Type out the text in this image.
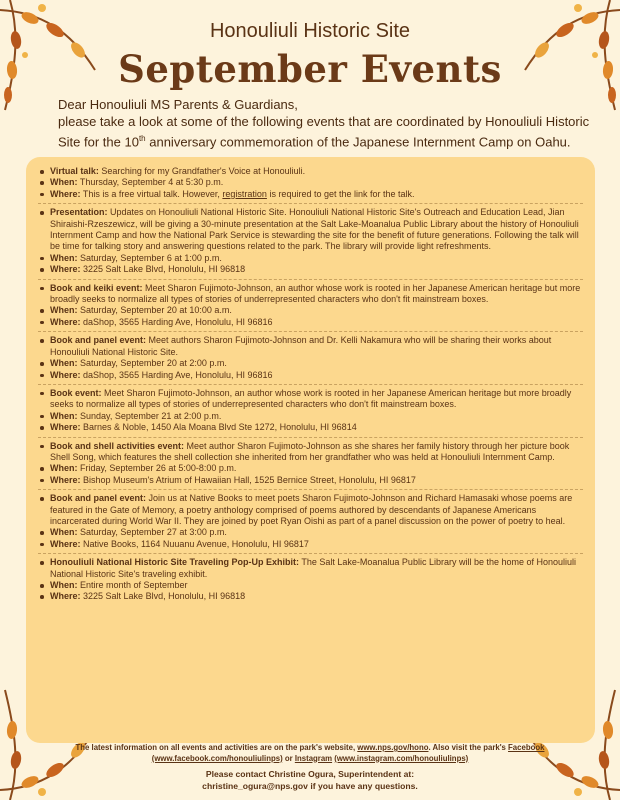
Honouliuli Historic Site
September Events
Dear Honouliuli MS Parents & Guardians,
please take a look at some of the following events that are coordinated by Honouliuli Historic Site for the 10th anniversary commemoration of the Japanese Internment Camp on Oahu.
Virtual talk: Searching for my Grandfather's Voice at Honouliuli.
When: Thursday, September 4 at 5:30 p.m.
Where: This is a free virtual talk. However, registration is required to get the link for the talk.
Presentation: Updates on Honouliuli National Historic Site. Honouliuli National Historic Site's Outreach and Education Lead, Jian Shiraishi-Rzeszewicz, will be giving a 30-minute presentation at the Salt Lake-Moanalua Public Library about the history of Honouliuli Internment Camp and how the National Park Service is stewarding the site for the benefit of future generations. Following the talk will be time for talking story and answering questions related to the park. The library will provide light refreshments.
When: Saturday, September 6 at 1:00 p.m.
Where: 3225 Salt Lake Blvd, Honolulu, HI 96818
Book and keiki event: Meet Sharon Fujimoto-Johnson, an author whose work is rooted in her Japanese American heritage but more broadly seeks to normalize all types of stories of underrepresented characters who don't fit mainstream boxes.
When: Saturday, September 20 at 10:00 a.m.
Where: daShop, 3565 Harding Ave, Honolulu, HI 96816
Book and panel event: Meet authors Sharon Fujimoto-Johnson and Dr. Kelli Nakamura who will be sharing their works about Honouliuli National Historic Site.
When: Saturday, September 20 at 2:00 p.m.
Where: daShop, 3565 Harding Ave, Honolulu, HI 96816
Book event: Meet Sharon Fujimoto-Johnson, an author whose work is rooted in her Japanese American heritage but more broadly seeks to normalize all types of stories of underrepresented characters who don't fit mainstream boxes.
When: Sunday, September 21 at 2:00 p.m.
Where: Barnes & Noble, 1450 Ala Moana Blvd Ste 1272, Honolulu, HI 96814
Book and shell activities event: Meet author Sharon Fujimoto-Johnson as she shares her family history through her picture book Shell Song, which features the shell collection she inherited from her grandfather who was held at Honouliuli Internment Camp.
When: Friday, September 26 at 5:00-8:00 p.m.
Where: Bishop Museum's Atrium of Hawaiian Hall, 1525 Bernice Street, Honolulu, HI 96817
Book and panel event: Join us at Native Books to meet poets Sharon Fujimoto-Johnson and Richard Hamasaki whose poems are featured in the Gate of Memory, a poetry anthology comprised of poems authored by descendants of Japanese Americans incarcerated during World War II. They are joined by poet Ryan Oishi as part of a panel discussion on the power of poetry to heal.
When: Saturday, September 27 at 3:00 p.m.
Where: Native Books, 1164 Nuuanu Avenue, Honolulu, HI 96817
Honouliuli National Historic Site Traveling Pop-Up Exhibit: The Salt Lake-Moanalua Public Library will be the home of Honouliuli National Historic Site's traveling exhibit.
When: Entire month of September
Where: 3225 Salt Lake Blvd, Honolulu, HI 96818
The latest information on all events and activities are on the park's website, www.nps.gov/hono. Also visit the park's Facebook
(www.facebook.com/honouliulinps) or Instagram (www.instagram.com/honouliulinps)
Please contact Christine Ogura, Superintendent at:
christine_ogura@nps.gov if you have any questions.
